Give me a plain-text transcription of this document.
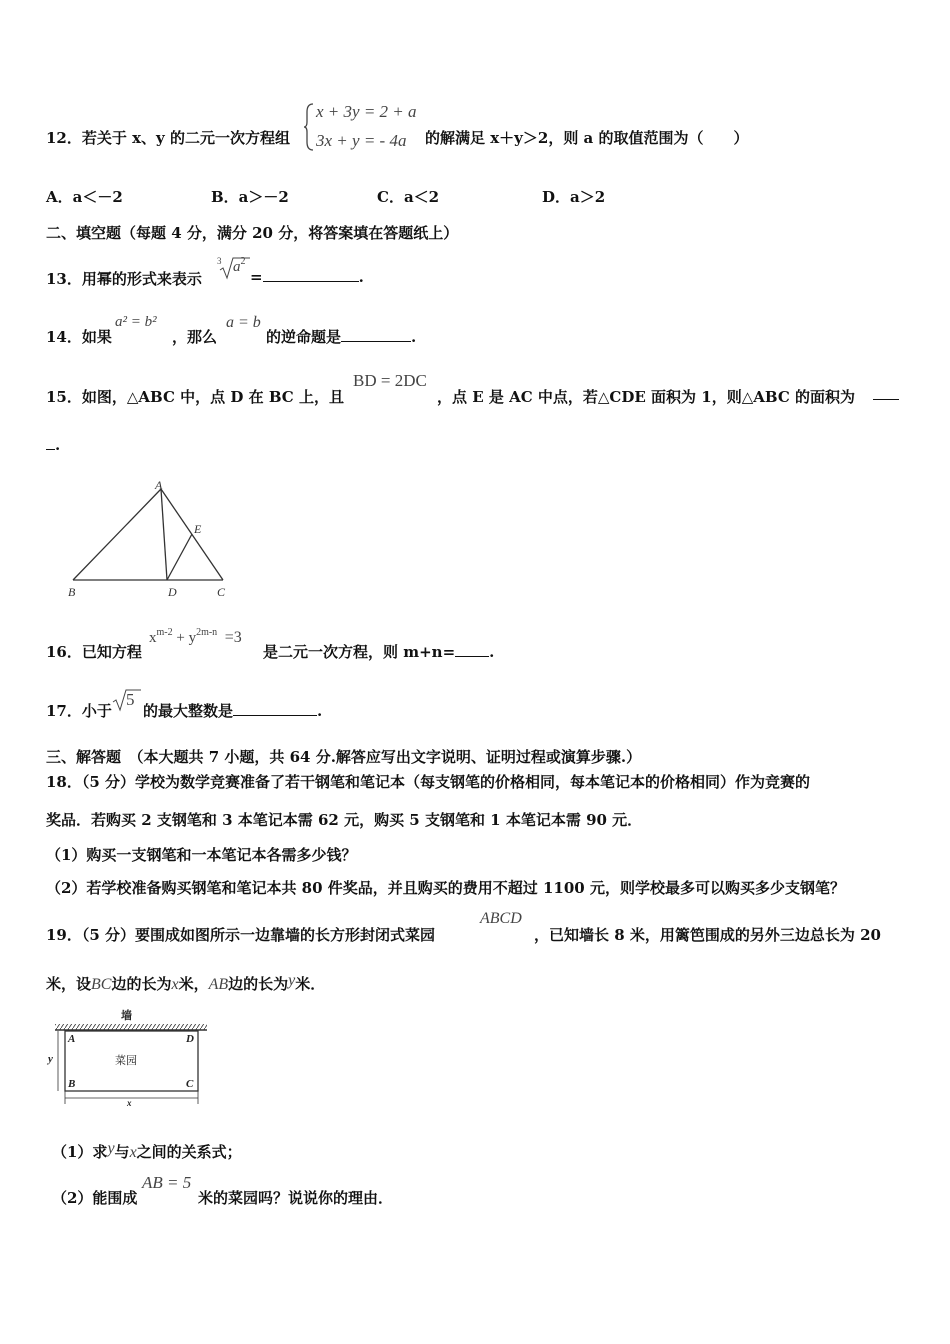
12．若关于 x、y 的二元一次方程组
x + 3y = 2 + a
3x + y = - 4a 的解满足 x＋y＞2，则 a 的取值范围为（　　）
A．a＜－2	B．a＞－2	C．a＜2	D．a＞2
二、填空题（每题 4 分，满分 20 分，将答案填在答题纸上）
13．用幂的形式来表示
3 $a^2$
=	.
14．如果
a² = b²
，那么
a = b
的逆命题是	.
15．如图，△ABC 中，点 D 在 BC 上，且
BD = 2DC
，点 E 是 AC 中点，若△CDE 面积为 1，则△ABC 的面积为
.
A
E
B	D	C
16．已知方程
$x^{m-2} + y^{2m-n} =3$
是二元一次方程，则 m+n= .
17．小于
5
的最大整数是	.
三、解答题　（本大题共 7 小题，共 64 分.解答应写出文字说明、证明过程或演算步骤.）
18．（5 分）学校为数学竞赛准备了若干钢笔和笔记本（每支钢笔的价格相同，每本笔记本的价格相同）作为竞赛的
奖品．若购买 2 支钢笔和 3 本笔记本需 62 元，购买 5 支钢笔和 1 本笔记本需 90 元．
（1）购买一支钢笔和一本笔记本各需多少钱？
（2）若学校准备购买钢笔和笔记本共 80 件奖品，并且购买的费用不超过 1100 元，则学校最多可以购买多少支钢笔？
19．（5 分）要围成如图所示一边靠墙的长方形封闭式菜园
ABCD
，已知墙长 8 米，用篱笆围成的另外三边总长为 20
米，设BC边的长为x米，AB边的长为y米．
墙
菜园
A	D
B	C
y
x
（1）求y与x之间的关系式；
（2）能围成
AB = 5
米的菜园吗？说说你的理由．
